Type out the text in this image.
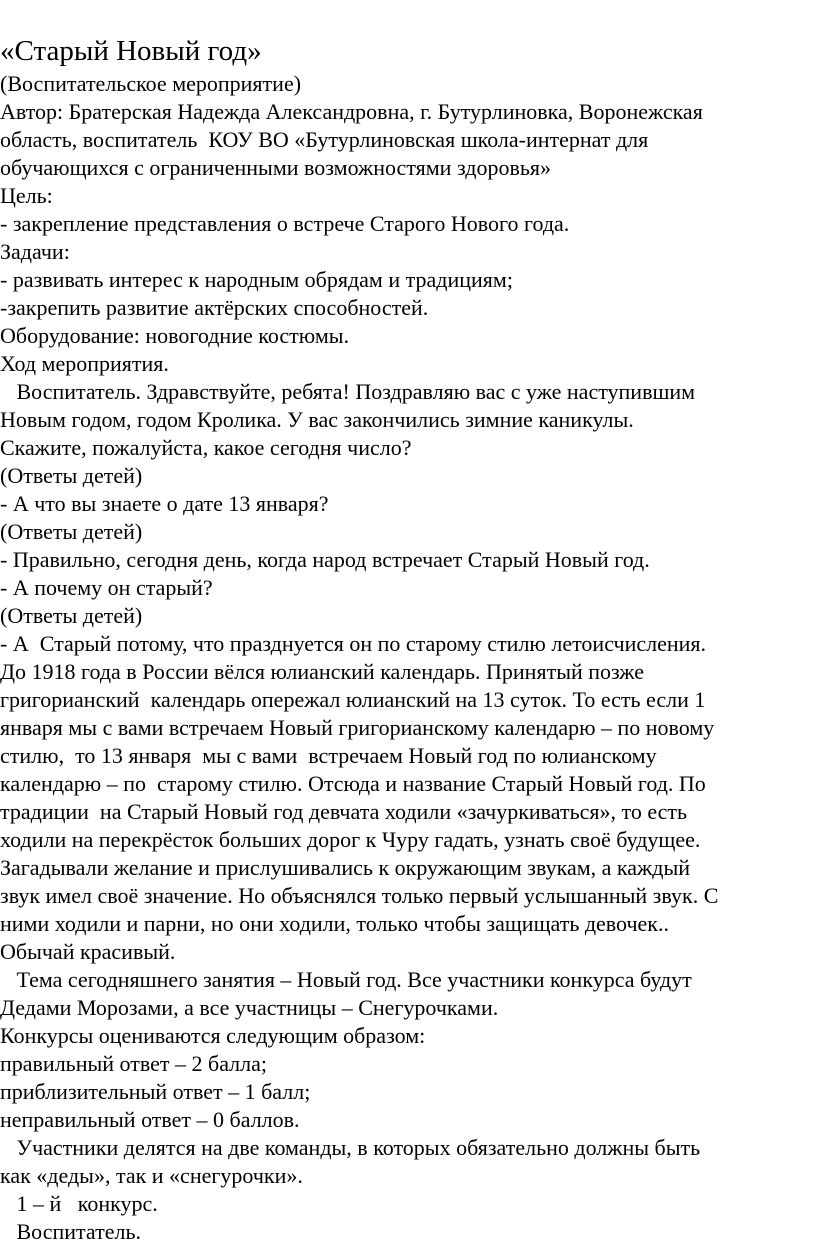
«Старый Новый год»
(Воспитательское мероприятие)
Автор: Братерская Надежда Александровна, г. Бутурлиновка, Воронежская
область, воспитатель  КОУ ВО «Бутурлиновская школа-интернат для
обучающихся с ограниченными возможностями здоровья»
Цель:
- закрепление представления о встрече Старого Нового года.
Задачи:
- развивать интерес к народным обрядам и традициям;
-закрепить развитие актёрских способностей.
Оборудование: новогодние костюмы.
Ход мероприятия.
Воспитатель. Здравствуйте, ребята! Поздравляю вас с уже наступившим
Новым годом, годом Кролика. У вас закончились зимние каникулы.
Скажите, пожалуйста, какое сегодня число?
(Ответы детей)
- А что вы знаете о дате 13 января?
(Ответы детей)
- Правильно, сегодня день, когда народ встречает Старый Новый год.
- А почему он старый?
(Ответы детей)
- А  Старый потому, что празднуется он по старому стилю летоисчисления.
До 1918 года в России вёлся юлианский календарь. Принятый позже
григорианский  календарь опережал юлианский на 13 суток. То есть если 1
января мы с вами встречаем Новый григорианскому календарю – по новому
стилю,  то 13 января  мы с вами  встречаем Новый год по юлианскому
календарю – по  старому стилю. Отсюда и название Старый Новый год. По
традиции  на Старый Новый год девчата ходили «зачуркиваться», то есть
ходили на перекрёсток больших дорог к Чуру гадать, узнать своё будущее.
Загадывали желание и прислушивались к окружающим звукам, а каждый
звук имел своё значение. Но объяснялся только первый услышанный звук. С
ними ходили и парни, но они ходили, только чтобы защищать девочек..
Обычай красивый.
Тема сегодняшнего занятия – Новый год. Все участники конкурса будут
Дедами Морозами, а все участницы – Снегурочками.
Конкурсы оцениваются следующим образом:
правильный ответ – 2 балла;
приблизительный ответ – 1 балл;
неправильный ответ – 0 баллов.
Участники делятся на две команды, в которых обязательно должны быть
как «деды», так и «снегурочки».
1 – й   конкурс.
Воспитатель.
